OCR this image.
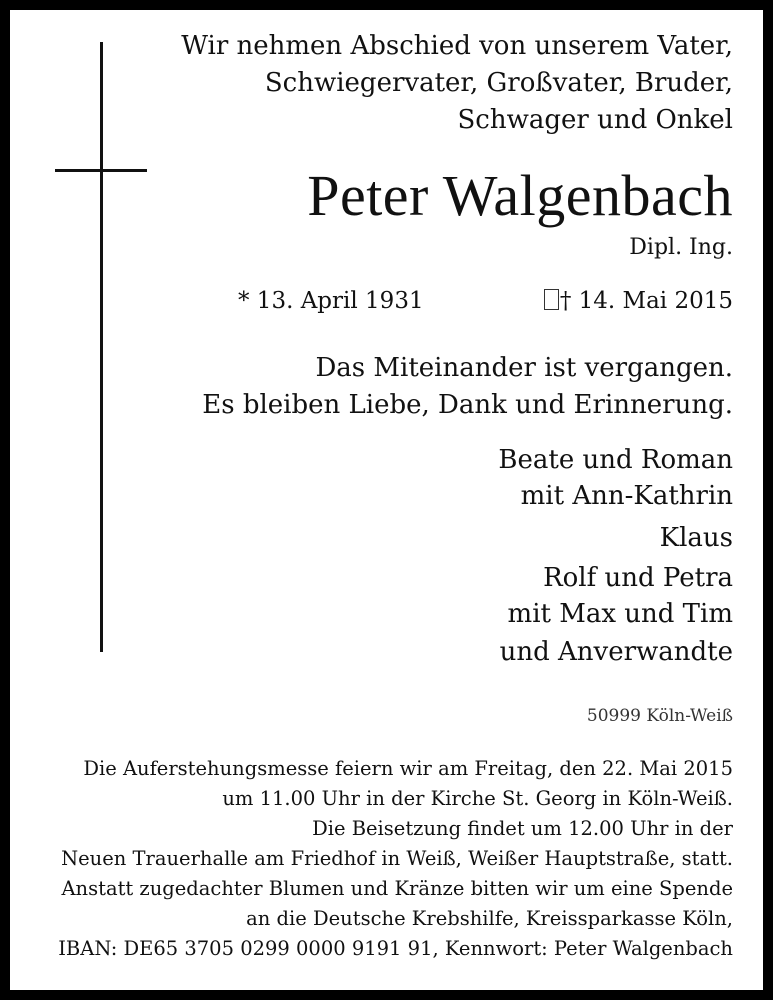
Wir nehmen Abschied von unserem Vater,
Schwiegervater, Großvater, Bruder,
Schwager und Onkel
Peter Walgenbach
Dipl. Ing.
* 13. April 1931	† 14. Mai 2015
Das Miteinander ist vergangen.
Es bleiben Liebe, Dank und Erinnerung.
Beate und Roman
mit Ann-Kathrin
Klaus
Rolf und Petra
mit Max und Tim
und Anverwandte
50999 Köln-Weiß
Die Auferstehungsmesse feiern wir am Freitag, den 22. Mai 2015
um 11.00 Uhr in der Kirche St. Georg in Köln-Weiß.
Die Beisetzung findet um 12.00 Uhr in der
Neuen Trauerhalle am Friedhof in Weiß, Weißer Hauptstraße, statt.
Anstatt zugedachter Blumen und Kränze bitten wir um eine Spende
an die Deutsche Krebshilfe, Kreissparkasse Köln,
IBAN: DE65 3705 0299 0000 9191 91, Kennwort: Peter Walgenbach
